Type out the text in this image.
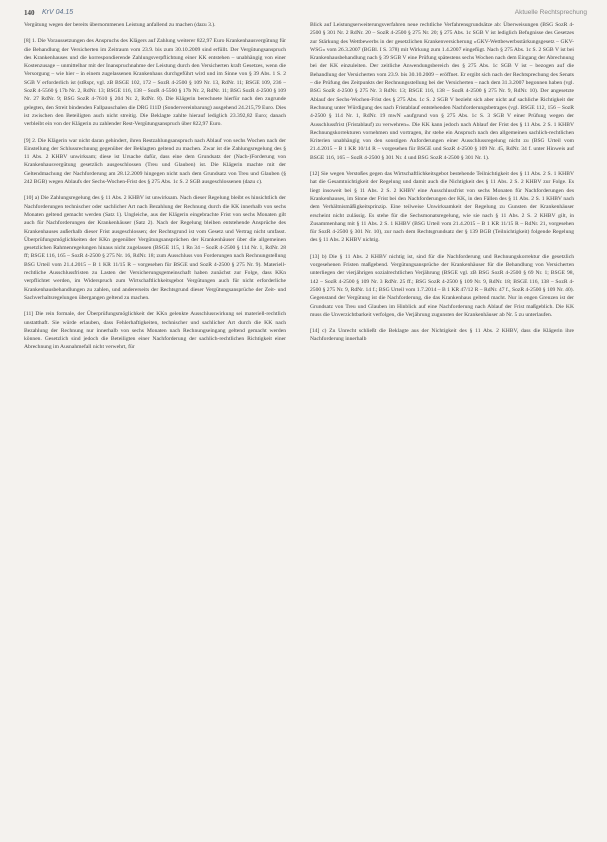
140 KrV 04.15	Aktuelle Rechtsprechung

Vergütung wegen der bereits übernommenen Leistung anfallend zu machen (dazu 3.).

[8] 1. Die Voraussetzungen des Anspruchs des Klägers auf Zahlung weiterer 822,97 Euro Krankenhausvergütung für die Behandlung der Versicherten im Zeitraum vom 23.9. bis zum 30.10.2009 sind erfüllt. Der Vergütungsanspruch des Krankenhauses und die korrespondierende Zahlungsverpflichtung einer KK entstehen – unabhängig von einer Kostenzusage – unmittelbar mit der Inanspruchnahme der Leistung durch den Versicherten kraft Gesetzes, wenn die Versorgung – wie hier – in einem zugelassenen Krankenhaus durchgeführt wird und im Sinne von § 39 Abs. 1 S. 2 SGB V erforderlich ist (stRspr, vgl. zB BSGE 102, 172 – SozR 4-2500 § 109 Nr. 13, RdNr. 11; BSGE 109, 236 – SozR 4-5560 § 17b Nr. 2, RdNr. 13; BSGE 116, 138 – SozR 4-5560 § 17b Nr. 2, RdNr. 11; BSG SozR 4-2500 § 109 Nr. 27 RdNr. 9; BSG SozR 4-7610 § 204 Nr. 2, RdNr. 8). Die Klägerin berechnete hierfür nach den zugrunde gelegten, den Streit bindenden Fallpauschalen die DRG I11D (Sondervereinbarung) ausgehend 24.215,79 Euro. Dies ist zwischen den Beteiligten auch nicht streitig. Die Beklagte zahlte hierauf lediglich 23.392,82 Euro; danach verbleibt ein von der Klägerin zu zahlender Rest-Vergütungsanspruch über 822,97 Euro.

[9] 2. Die Klägerin war nicht daran gehindert, ihren Restzahlungsanspruch nach Ablauf von sechs Wochen nach der Einstellung der Schlussrechnung gegenüber der Beklagten geltend zu machen. Zwar ist die Zahlungsregelung des § 11 Abs. 2 KHBV unwirksam; diese ist Ursache dafür, dass eine dem Grundsatz der (Nach-)Forderung von Krankenhausvergütung gesetzlich ausgeschlossen (Treu und Glauben) ist. Die Klägerin machte mit der Geltendmachung der Nachforderung am 28.12.2009 hingegen nicht nach dem Grundsatz von Treu und Glauben (§ 242 BGB) wegen Ablaufs der Sechs-Wochen-Frist des § 275 Abs. 1c S. 2 SGB ausgeschlossenen (dazu c).

[10] a) Die Zahlungsregelung des § 11 Abs. 2 KHBV ist unwirksam. Nach dieser Regelung bleibt es hinsichtlich der Nachforderungen technischer oder sachlicher Art nach Bezahlung der Rechnung durch die KK innerhalb von sechs Monaten geltend gemacht werden (Satz 1). Ungleiche, aus der Klägerin eingebrachte Frist von sechs Monaten gilt auch für Nachforderungen der Krankenhäuser (Satz 2). Nach der Regelung bleiben entstehende Ansprüche des Krankenhauses außerhalb dieser Frist ausgeschlossen; der Rechtsgrund ist vom Gesetz und Vertrag nicht umfasst. Überprüfungsmöglichkeiten der KKn gegenüber Vergütungsansprüchen der Krankenhäuser über die allgemeinen gesetzlichen Rahmenregelungen hinaus nicht zugelassen (BSGE 115, 1 Rn 34 – SozR 4-2500 § 114 Nr. 1, RdNr. 28 ff; BSGE 116, 165 – SozR 4-2500 § 275 Nr. 16, RdNr. 18; zum Ausschluss von Forderungen nach Rechnungstellung BSG Urteil vom 21.4.2015 – B 1 KR 11/15 R – vorgesehen für BSGE und SozR 4-2500 § 275 Nr. 9). Materiell-rechtliche Ausschlussfristen zu Lasten der Versicherungsgemeinschaft haben zunächst zur Folge, dass KKn verpflichtet werden, im Widerspruch zum Wirtschaftlichkeitsgebot Vergütungen auch für nicht erforderliche Krankenhausbehandlungen zu zahlen, und andererseits der Rechtsgrund dieser Vergütungsansprüche der Zeit- und Sachverhaltsregelungen übergangen geltend zu machen.

[11] Die rein formale, der Überprüfungsmöglichkeit der KKn gelenkte Ausschlusswirkung sei materiell-rechtlich unstatthaft. Sie würde erlauben, dass Fehlerhaftigkeiten, technischer und sachlicher Art durch die KK nach Bezahlung der Rechnung nur innerhalb von sechs Monaten nach Rechnungseingang geltend gemacht werden können. Gesetzlich sind jedoch die Beteiligten einer Nachforderung der sachlich-rechtlichen Richtigkeit einer Abrechnung im Ausnahmefall nicht verwehrt, für

Blick auf Leistungserweiterungsverfahren neue rechtliche Verfahrensgrundsätze ab: Überweisungen (BSG SozR 4-2500 § 301 Nr. 2 RdNr. 20 – SozR 4-2500 § 275 Nr. 20; § 275 Abs. 1c SGB V ist lediglich Befugnisse des Gesetzes zur Stärkung des Wettbewerbs in der gesetzlichen Krankenversicherung »GKV-Wettbewerbsstärkungsgesetz – GKV-WSG« vom 26.3.2007 (BGBl. I S. 378) mit Wirkung zum 1.4.2007 eingefügt. Nach § 275 Abs. 1c S. 2 SGB V ist bei Krankenhausbehandlung nach § 39 SGB V eine Prüfung spätestens sechs Wochen nach dem Eingang der Abrechnung bei der KK einzuleiten. Der zeitliche Anwendungsbereich des § 275 Abs. 1c SGB V ist – bezogen auf die Behandlung der Versicherten vom 23.9. bis 30.10.2009 – eröffnet. Er ergibt sich nach der Rechtsprechung des Senats – die Prüfung des Zeitpunkts der Rechnungsstellung bei der Versicherten – nach dem 31.3.2007 begonnen haben (vgl. BSG SozR 4-2500 § 275 Nr. 3 RdNr. 13; BSGE 116, 138 – SozR 4-2500 § 275 Nr. 9, RdNr. 10). Der angesetzte Ablauf der Sechs-Wochen-Frist des § 275 Abs. 1c S. 2 SGB V bezieht sich aber nicht auf sachliche Richtigkeit der Rechnung unter Würdigung des nach Fristablauf entstehenden Nachforderungsbetrages (vgl. BSGE 112, 156 – SozR 4-2500 § 114 Nr. 1, RdNr. 19 mwN »aufgrund von § 275 Abs. 1c S. 3 SGB V einer Prüfung wegen der Ausschlussfrist (Fristablauf) zu verwehren«. Die KK kann jedoch nach Ablauf der Frist des § 11 Abs. 2 S. 1 KHBV Rechnungskorrekturen vornehmen und vortragen, ihr stehe ein Anspruch nach den allgemeinen sachlich-rechtlichen Kriterien unabhängig von den sonstigen Anforderungen einer Ausschlussregelung nicht zu (BSG Urteil vom 21.4.2015 – B 1 KR 10/14 R – vorgesehen für BSGE und SozR 4-2500 § 109 Nr. 45, RdNr. 34 f. unter Hinweis auf BSGE 116, 165 – SozR 4-2500 § 301 Nr. 4 und BSG SozR 4-2500 § 301 Nr. 1).

[12] Sie wegen Verstoßes gegen das Wirtschaftlichkeitsgebot bestehende Teilnichtigkeit des § 11 Abs. 2 S. 1 KHBV hat die Gesamtnichtigkeit der Regelung und damit auch die Nichtigkeit des § 11 Abs. 2 S. 2 KHBV zur Folge. Es liegt insoweit bei § 11 Abs. 2 S. 2 KHBV eine Ausschlussfrist von sechs Monaten für Nachforderungen des Krankenhauses, im Sinne der Frist bei den Nachforderungen der KK, in den Fällen des § 11 Abs. 2 S. 1 KHBV nach dem Verhältnismäßigkeitsprinzip. Eine teilweise Unwirksamkeit der Regelung zu Gunsten der Krankenhäuser erscheint nicht zulässig. Es stehe für die Sechsmonatsregelung, wie sie nach § 11 Abs. 2 S. 2 KHBV gilt, in Zusammenhang mit § 11 Abs. 2 S. 1 KHBV (BSG Urteil vom 21.4.2015 – B 1 KR 11/15 R – RdNr. 21, vorgesehen für SozR 4-2500 § 301 Nr. 10), zur nach dem Rechtsgrundsatz der § 139 BGB (Teilnichtigkeit) folgende Regelung des § 11 Abs. 2 KHBV nichtig.

[13] b) Die § 11 Abs. 2 KHBV nichtig ist, sind für die Nachforderung und Rechnungskorrektur die gesetzlich vorgesehenen Fristen maßgebend. Vergütungsansprüche der Krankenhäuser für die Behandlung von Versicherten unterliegen der vierjährigen sozialrechtlichen Verjährung (BSGE vgl. zB BSG SozR 4-2500 § 69 Nr. 1; BSGE 98, 142 – SozR 4-2500 § 109 Nr. 3 RdNr. 25 ff.; BSG SozR 4-2500 § 109 Nr. 9, RdNr. 18; BSGE 116, 138 – SozR 4-2500 § 275 Nr. 9, RdNr. 14 f.; BSG Urteil vom 1.7.2014 – B 1 KR 47/12 R – RdNr. 47 f., SozR 4-2500 § 109 Nr. 40). Gegenstand der Vergütung ist die Nachforderung, die das Krankenhaus geltend macht. Nur in engen Grenzen ist der Grundsatz von Treu und Glauben im Hinblick auf eine Nachforderung nach Ablauf der Frist maßgeblich. Die KK muss die Unverzichtbarkeit verfolgen, die Verjährung zugunsten der Krankenhäuser ab Nr. 5 zu unterlaufen.

[14] c) Zu Unrecht schließt die Beklagte aus der Nichtigkeit des § 11 Abs. 2 KHBV, dass die Klägerin ihre Nachforderung innerhalb
